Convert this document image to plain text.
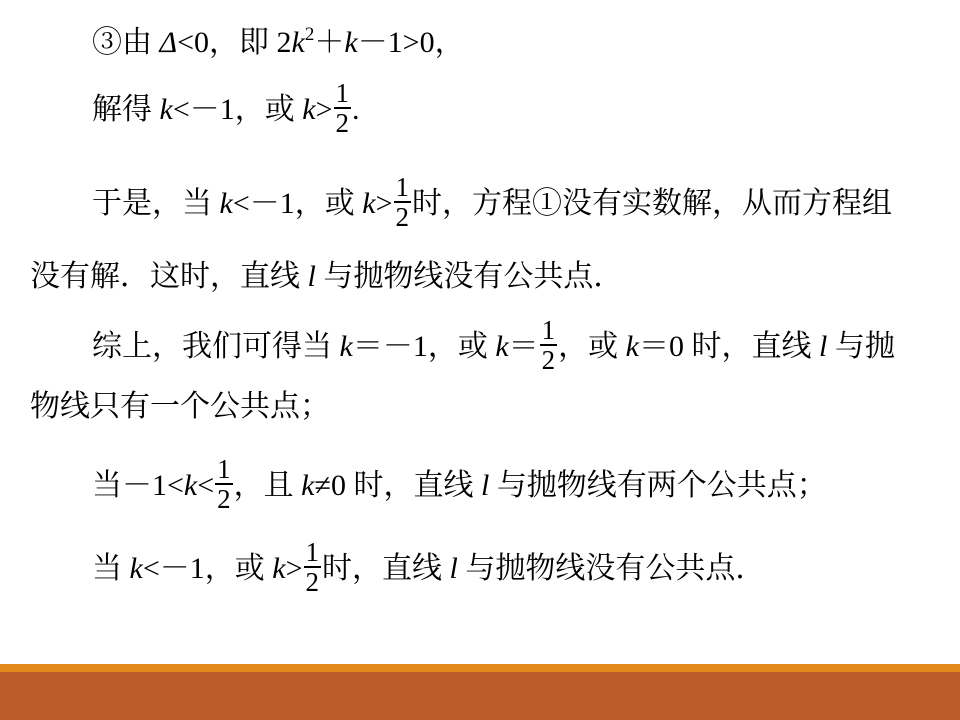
③由 Δ<0，即 $2k^2+k-1>0$，
解得 k<－1，或 $k> \frac{1}{2}$ .
于是，当 k<－1，或 $k> \frac{1}{2}$ 时，方程①没有实数解，从而方程组
没有解．这时，直线 l 与抛物线没有公共点．
综上，我们可得当 k＝－1，或 $k= \frac{1}{2}$ ，或 k＝0 时，直线 l 与抛
物线只有一个公共点；
当$-1<k< \frac{1}{2}$ ，且 k≠0 时，直线 l 与抛物线有两个公共点；
当 k<－1，或 $k> \frac{1}{2}$ 时，直线 l 与抛物线没有公共点．
